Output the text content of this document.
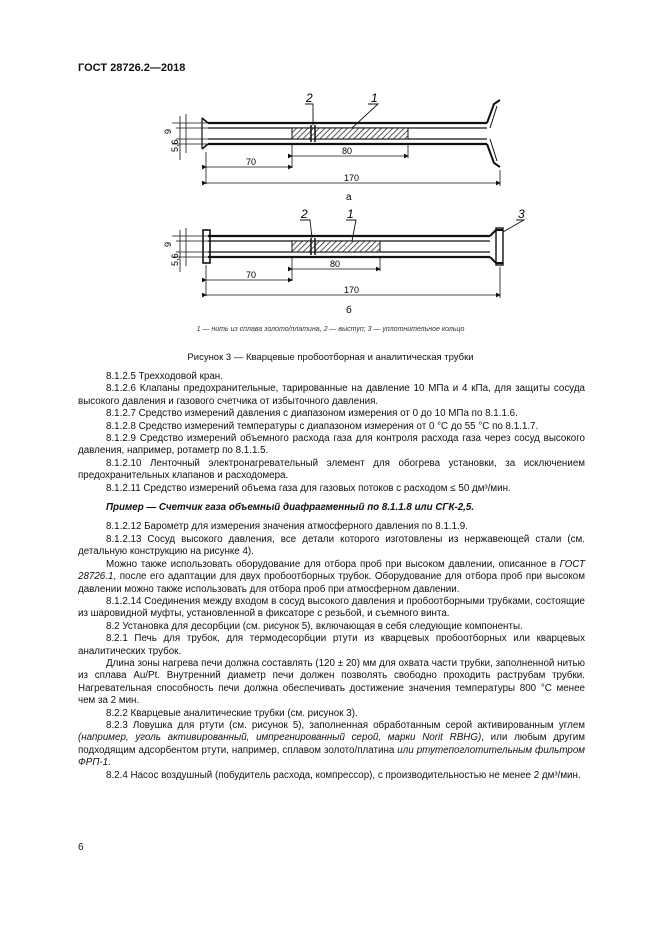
ГОСТ 28726.2—2018
2	1
9
5,6	80
70
170
а
2	1	3
9
5,6	80
70
170
б
1 — нить из сплава золото/платина, 2 — выступ; 3 — уплотнительное кольцо
Рисунок 3 — Кварцевые пробоотборная и аналитическая трубки

8.1.2.5 Трехходовой кран.

8.1.2.6 Клапаны предохранительные, тарированные на давление 10 МПа и 4 кПа, для защиты сосуда высокого давления и газового счетчика от избыточного давления.

8.1.2.7 Средство измерений давления с диапазоном измерения от 0 до 10 МПа по 8.1.1.6.

8.1.2.8 Средство измерений температуры с диапазоном измерения от 0 °С до 55 °С по 8.1.1.7.

8.1.2.9 Средство измерений объемного расхода газа для контроля расхода газа через сосуд высокого давления, например, ротаметр по 8.1.1.5.

8.1.2.10 Ленточный электронагревательный элемент для обогрева установки, за исключением предохранительных клапанов и расходомера.

8.1.2.11 Средство измерений объема газа для газовых потоков с расходом ≤ 50 дм³/мин.

Пример — Счетчик газа объемный диафрагменный по 8.1.1.8 или СГК-2,5.

8.1.2.12 Барометр для измерения значения атмосферного давления по 8.1.1.9.

8.1.2.13 Сосуд высокого давления, все детали которого изготовлены из нержавеющей стали (см. детальную конструкцию на рисунке 4).

Можно также использовать оборудование для отбора проб при высоком давлении, описанное в ГОСТ 28726.1, после его адаптации для двух пробоотборных трубок. Оборудование для отбора проб при высоком давлении можно также использовать для отбора проб при атмосферном давлении.

8.1.2.14 Соединения между входом в сосуд высокого давления и пробоотборными трубками, состоящие из шаровидной муфты, установленной в фиксаторе с резьбой, и съемного винта.

8.2 Установка для десорбции (см. рисунок 5), включающая в себя следующие компоненты.

8.2.1 Печь для трубок, для термодесорбции ртути из кварцевых пробоотборных или кварцевых аналитических трубок.

Длина зоны нагрева печи должна составлять (120 ± 20) мм для охвата части трубки, заполненной нитью из сплава Au/Pt. Внутренний диаметр печи должен позволять свободно проходить раструбам трубки. Нагревательная способность печи должна обеспечивать достижение значения температуры 800 °С менее чем за 2 мин.

8.2.2 Кварцевые аналитические трубки (см. рисунок 3).

8.2.3 Ловушка для ртути (см. рисунок 5), заполненная обработанным серой активированным углем (например, уголь активированный, импрегнированный серой, марки Norit RBHG), или любым другим подходящим адсорбентом ртути, например, сплавом золото/платина или ртутепоглотительным фильтром ФРП-1.

8.2.4 Насос воздушный (побудитель расхода, компрессор), с производительностью не менее 2 дм³/мин.

6
